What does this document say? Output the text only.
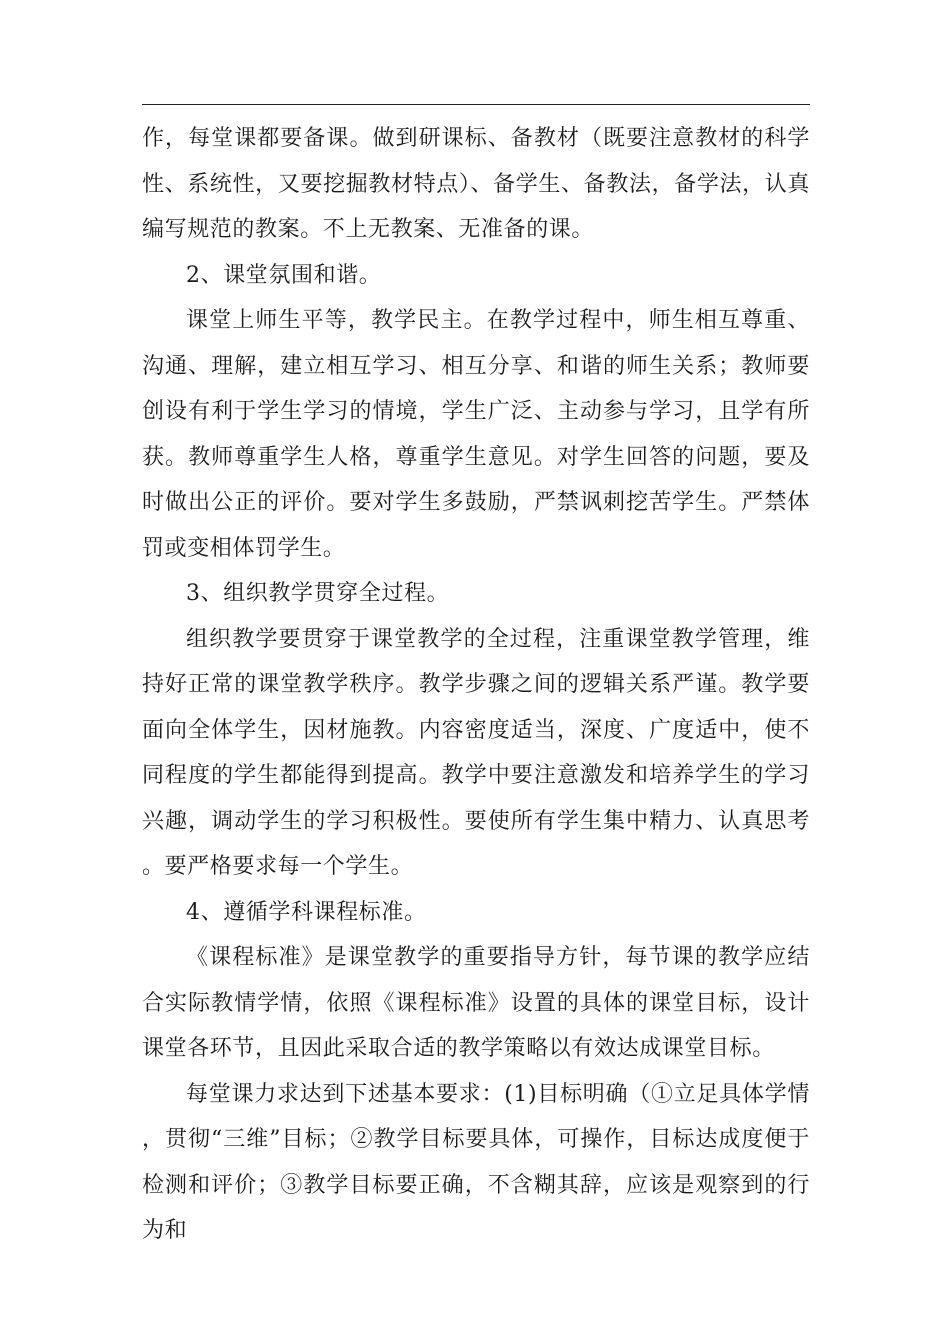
作，每堂课都要备课。做到研课标、备教材（既要注意教材的科学性、系统性，又要挖掘教材特点）、备学生、备教法，备学法，认真编写规范的教案。不上无教案、无准备的课。

2、课堂氛围和谐。

课堂上师生平等，教学民主。在教学过程中，师生相互尊重、沟通、理解，建立相互学习、相互分享、和谐的师生关系；教师要创设有利于学生学习的情境，学生广泛、主动参与学习，且学有所获。教师尊重学生人格，尊重学生意见。对学生回答的问题，要及时做出公正的评价。要对学生多鼓励，严禁讽刺挖苦学生。严禁体罚或变相体罚学生。

3、组织教学贯穿全过程。

组织教学要贯穿于课堂教学的全过程，注重课堂教学管理，维持好正常的课堂教学秩序。教学步骤之间的逻辑关系严谨。教学要面向全体学生，因材施教。内容密度适当，深度、广度适中，使不同程度的学生都能得到提高。教学中要注意激发和培养学生的学习兴趣，调动学生的学习积极性。要使所有学生集中精力、认真思考。要严格要求每一个学生。

4、遵循学科课程标准。

《课程标准》是课堂教学的重要指导方针，每节课的教学应结合实际教情学情，依照《课程标准》设置的具体的课堂目标，设计课堂各环节，且因此采取合适的教学策略以有效达成课堂目标。

每堂课力求达到下述基本要求：(1)目标明确（①立足具体学情，贯彻“三维”目标；②教学目标要具体，可操作，目标达成度便于检测和评价；③教学目标要正确，不含糊其辞，应该是观察到的行为和
